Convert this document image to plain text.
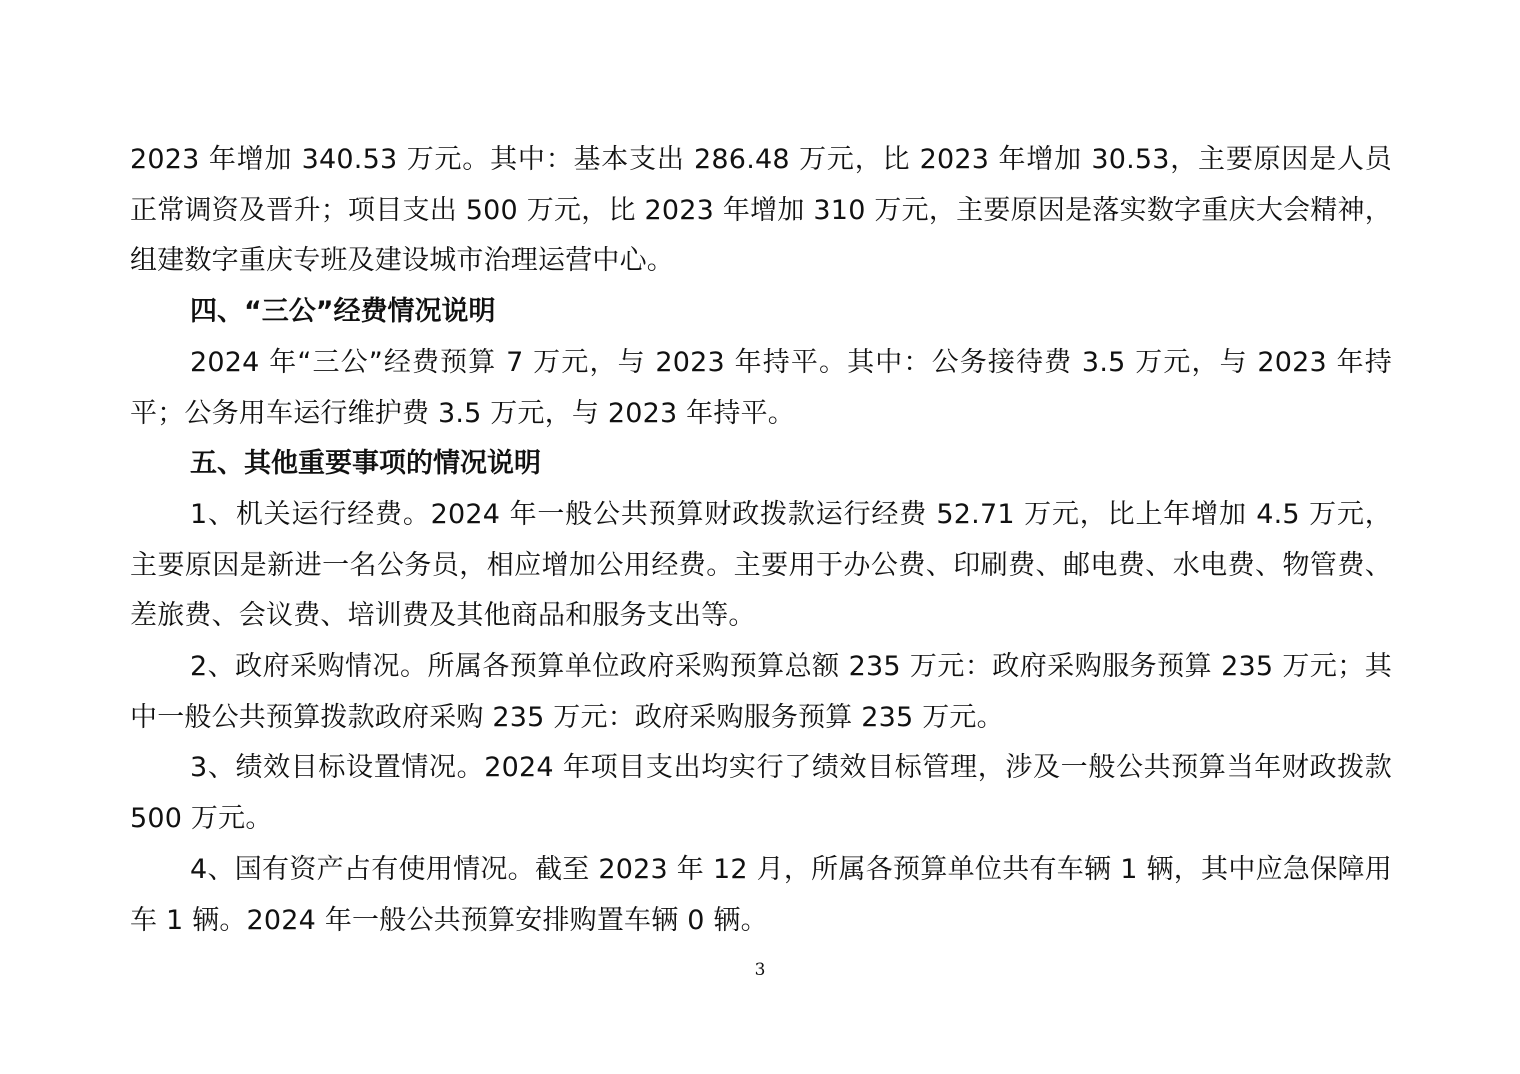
2023 年增加 340.53 万元。其中：基本支出 286.48 万元，比 2023 年增加 30.53，主要原因是人员正常调资及晋升；项目支出 500 万元，比 2023 年增加 310 万元，主要原因是落实数字重庆大会精神，组建数字重庆专班及建设城市治理运营中心。

四、“三公”经费情况说明

2024 年“三公”经费预算 7 万元，与 2023 年持平。其中：公务接待费 3.5 万元，与 2023 年持平；公务用车运行维护费 3.5 万元，与 2023 年持平。

五、其他重要事项的情况说明

1、机关运行经费。2024 年一般公共预算财政拨款运行经费 52.71 万元，比上年增加 4.5 万元，主要原因是新进一名公务员，相应增加公用经费。主要用于办公费、印刷费、邮电费、水电费、物管费、差旅费、会议费、培训费及其他商品和服务支出等。

2、政府采购情况。所属各预算单位政府采购预算总额 235 万元：政府采购服务预算 235 万元；其中一般公共预算拨款政府采购 235 万元：政府采购服务预算 235 万元。

3、绩效目标设置情况。2024 年项目支出均实行了绩效目标管理，涉及一般公共预算当年财政拨款 500 万元。

4、国有资产占有使用情况。截至 2023 年 12 月，所属各预算单位共有车辆 1 辆，其中应急保障用车 1 辆。2024 年一般公共预算安排购置车辆 0 辆。

3
